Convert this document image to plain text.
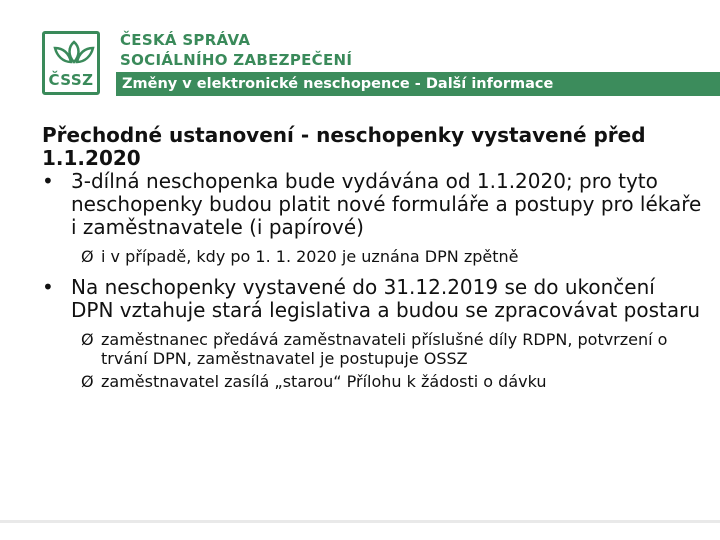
ČSSZ
ČESKÁ SPRÁVA
SOCIÁLNÍHO ZABEZPEČENÍ
Změny v elektronické neschopence - Další informace
Přechodné ustanovení - neschopenky vystavené před 1.1.2020
• 3-dílná neschopenka bude vydávána od 1.1.2020; pro tyto neschopenky budou platit nové formuláře a postupy pro lékaře i zaměstnavatele (i papírové)
Ø i v případě, kdy po 1. 1. 2020 je uznána DPN zpětně
• Na neschopenky vystavené do 31.12.2019 se do ukončení DPN vztahuje stará legislativa a budou se zpracovávat postaru
Ø zaměstnanec předává zaměstnavateli příslušné díly RDPN, potvrzení o trvání DPN, zaměstnavatel je postupuje OSSZ
Ø zaměstnavatel zasílá „starou“ Přílohu k žádosti o dávku
